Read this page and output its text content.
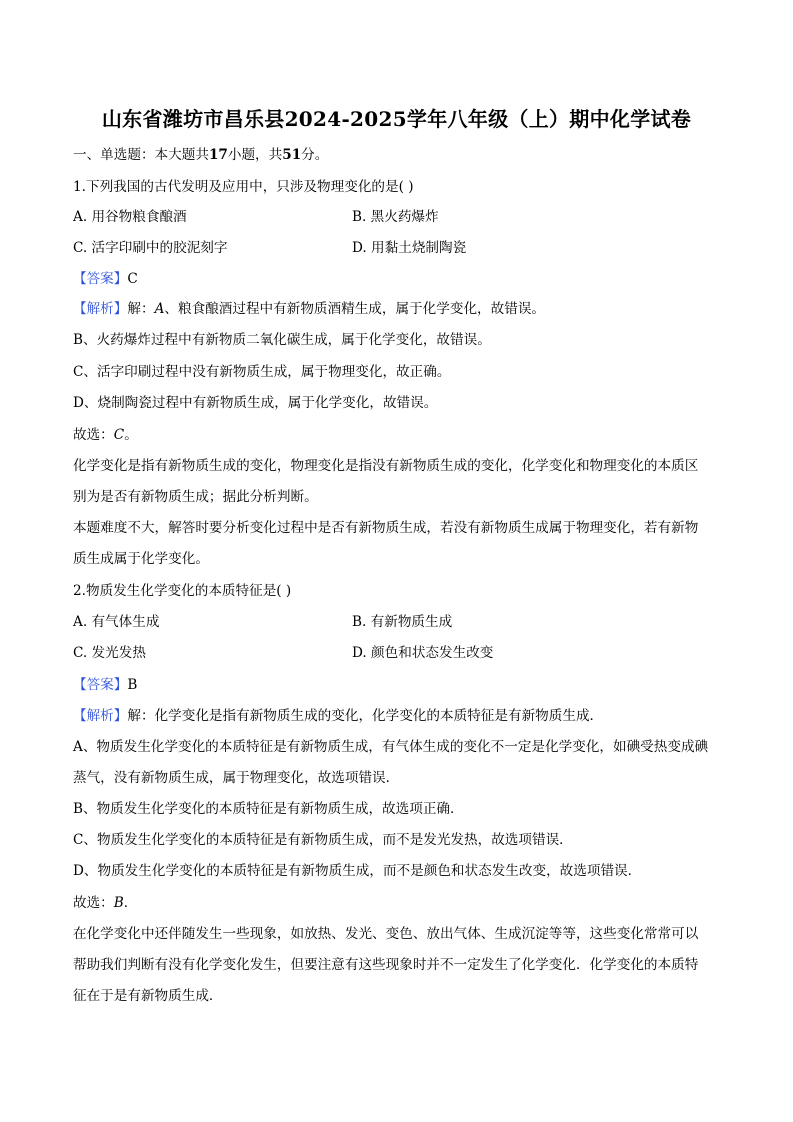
山东省潍坊市昌乐县2024-2025学年八年级（上）期中化学试卷
一、单选题：本大题共17小题，共51分。
1.下列我国的古代发明及应用中，只涉及物理变化的是( )
A. 用谷物粮食酿酒	B. 黑火药爆炸
C. 活字印刷中的胶泥刻字	D. 用黏土烧制陶瓷
【答案】C
【解析】解：A、粮食酿酒过程中有新物质酒精生成，属于化学变化，故错误。
B、火药爆炸过程中有新物质二氧化碳生成，属于化学变化，故错误。
C、活字印刷过程中没有新物质生成，属于物理变化，故正确。
D、烧制陶瓷过程中有新物质生成，属于化学变化，故错误。
故选：C。
化学变化是指有新物质生成的变化，物理变化是指没有新物质生成的变化，化学变化和物理变化的本质区
别为是否有新物质生成；据此分析判断。
本题难度不大，解答时要分析变化过程中是否有新物质生成，若没有新物质生成属于物理变化，若有新物
质生成属于化学变化。
2.物质发生化学变化的本质特征是( )
A. 有气体生成	B. 有新物质生成
C. 发光发热	D. 颜色和状态发生改变
【答案】B
【解析】解：化学变化是指有新物质生成的变化，化学变化的本质特征是有新物质生成．
A、物质发生化学变化的本质特征是有新物质生成，有气体生成的变化不一定是化学变化，如碘受热变成碘
蒸气，没有新物质生成，属于物理变化，故选项错误．
B、物质发生化学变化的本质特征是有新物质生成，故选项正确．
C、物质发生化学变化的本质特征是有新物质生成，而不是发光发热，故选项错误．
D、物质发生化学变化的本质特征是有新物质生成，而不是颜色和状态发生改变，故选项错误．
故选：B．
在化学变化中还伴随发生一些现象，如放热、发光、变色、放出气体、生成沉淀等等，这些变化常常可以
帮助我们判断有没有化学变化发生，但要注意有这些现象时并不一定发生了化学变化．化学变化的本质特
征在于是有新物质生成．
